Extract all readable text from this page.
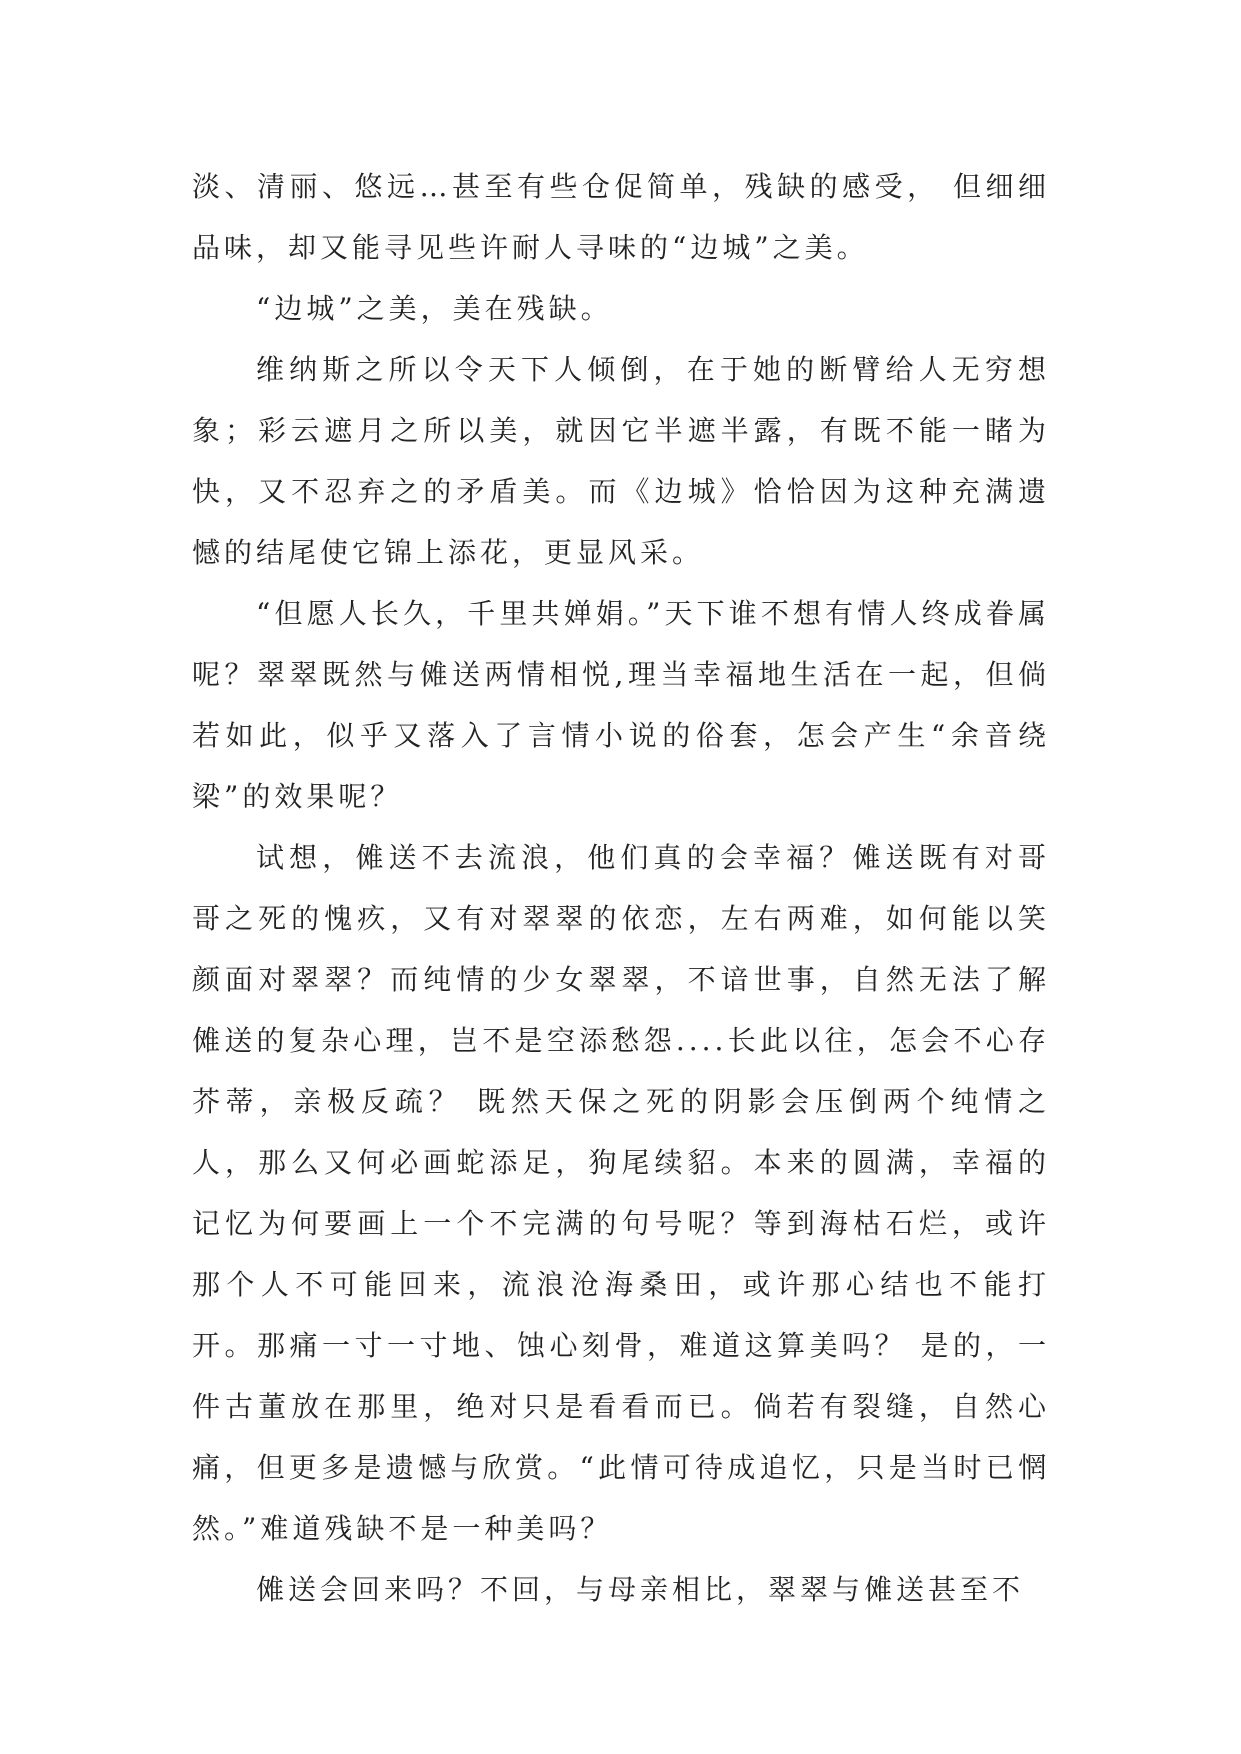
淡、清丽、悠远…甚至有些仓促简单，残缺的感受， 但细细品味，却又能寻见些许耐人寻味的“边城”之美。

“边城”之美，美在残缺。

维纳斯之所以令天下人倾倒，在于她的断臂给人无穷想象；彩云遮月之所以美，就因它半遮半露，有既不能一睹为快，又不忍弃之的矛盾美。而《边城》恰恰因为这种充满遗憾的结尾使它锦上添花，更显风采。

“但愿人长久，千里共婵娟。”天下谁不想有情人终成眷属呢？翠翠既然与傩送两情相悦,理当幸福地生活在一起，但倘若如此，似乎又落入了言情小说的俗套，怎会产生“余音绕梁”的效果呢？

试想，傩送不去流浪，他们真的会幸福？傩送既有对哥哥之死的愧疚，又有对翠翠的依恋，左右两难，如何能以笑颜面对翠翠？而纯情的少女翠翠，不谙世事，自然无法了解傩送的复杂心理，岂不是空添愁怨....长此以往，怎会不心存芥蒂，亲极反疏？ 既然天保之死的阴影会压倒两个纯情之人，那么又何必画蛇添足，狗尾续貂。本来的圆满，幸福的记忆为何要画上一个不完满的句号呢？等到海枯石烂，或许那个人不可能回来，流浪沧海桑田，或许那心结也不能打开。那痛一寸一寸地、蚀心刻骨，难道这算美吗？ 是的，一件古董放在那里，绝对只是看看而已。倘若有裂缝，自然心痛，但更多是遗憾与欣赏。“此情可待成追忆，只是当时已惘然。”难道残缺不是一种美吗？

傩送会回来吗？不回，与母亲相比，翠翠与傩送甚至不
